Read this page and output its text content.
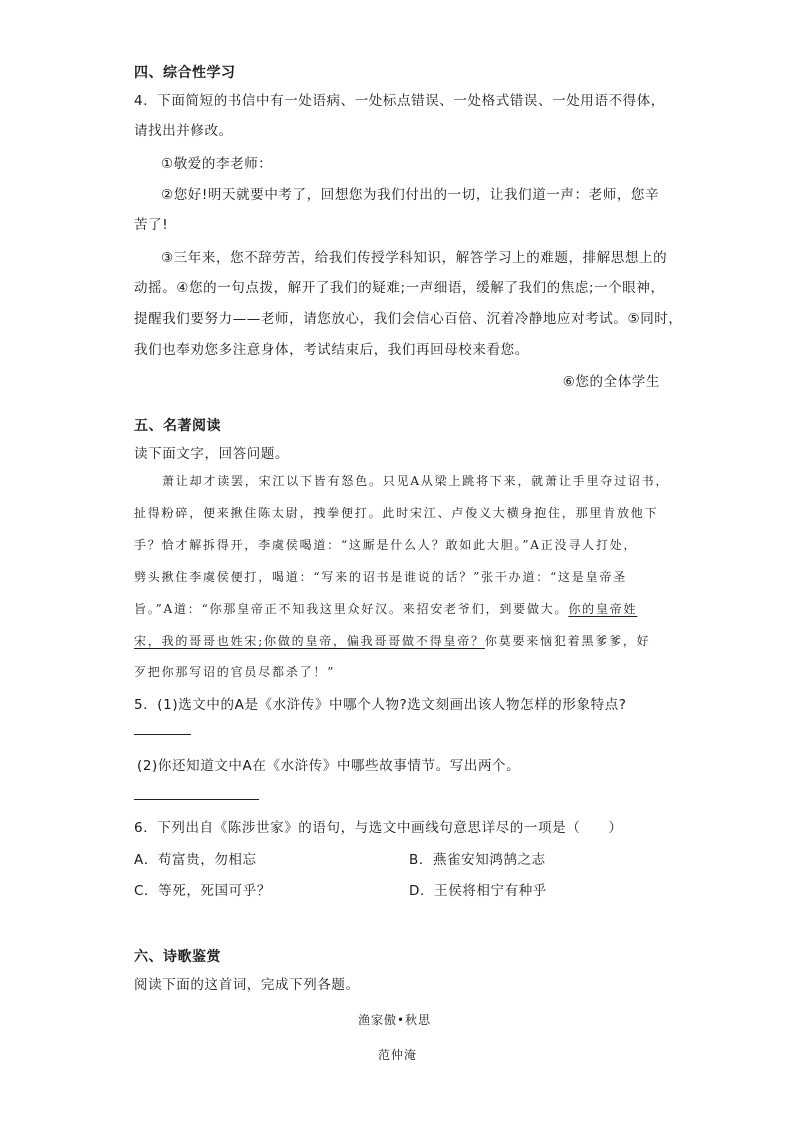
四、综合性学习
4．下面简短的书信中有一处语病、一处标点错误、一处格式错误、一处用语不得体，
请找出并修改。
①敬爱的李老师：
②您好!明天就要中考了，回想您为我们付出的一切，让我们道一声：老师，您辛
苦了!
③三年来，您不辞劳苦，给我们传授学科知识，解答学习上的难题，排解思想上的
动摇。④您的一句点拨，解开了我们的疑难;一声细语，缓解了我们的焦虑;一个眼神，
提醒我们要努力——老师，请您放心，我们会信心百倍、沉着冷静地应对考试。⑤同时，
我们也奉劝您多注意身体，考试结束后，我们再回母校来看您。
⑥您的全体学生
五、名著阅读
读下面文字，回答问题。
萧让却才读罢，宋江以下皆有怒色。只见A从梁上跳将下来，就萧让手里夺过诏书，
扯得粉碎，便来揪住陈太尉，拽拳便打。此时宋江、卢俊义大横身抱住，那里肯放他下
手？恰才解拆得开，李虞侯喝道：“这厮是什么人？敢如此大胆。”A正没寻人打处，
劈头揪住李虞侯便打，喝道：“写来的诏书是谁说的话？”张干办道：“这是皇帝圣
旨。”A道：“你那皇帝正不知我这里众好汉。来招安老爷们，到要做大。你的皇帝姓
宋，我的哥哥也姓宋;你做的皇帝，偏我哥哥做不得皇帝？你莫要来恼犯着黑爹爹，好
歹把你那写诏的官员尽都杀了！”
5．(1)选文中的A是《水浒传》中哪个人物?选文刻画出该人物怎样的形象特点?
(2)你还知道文中A在《水浒传》中哪些故事情节。写出两个。
6．下列出自《陈涉世家》的语句，与选文中画线句意思详尽的一项是（　　）
A．苟富贵，勿相忘	B．燕雀安知鸿鹄之志
C．等死，死国可乎？	D．王侯将相宁有种乎
六、诗歌鉴赏
阅读下面的这首词，完成下列各题。
渔家傲•秋思
范仲淹
